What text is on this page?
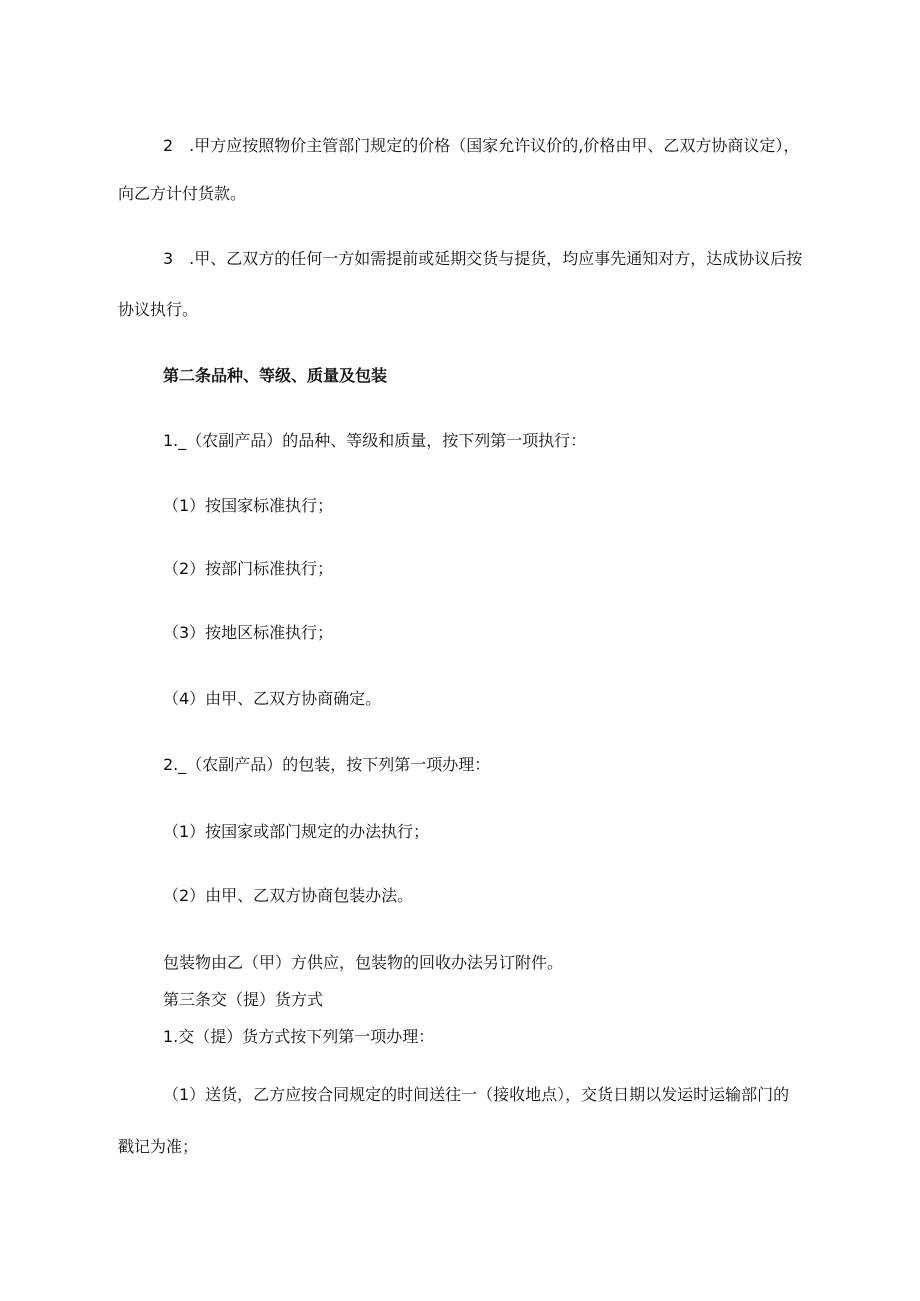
2　.甲方应按照物价主管部门规定的价格（国家允许议价的,价格由甲、乙双方协商议定），
向乙方计付货款。
3　.甲、乙双方的任何一方如需提前或延期交货与提货，均应事先通知对方，达成协议后按
协议执行。
第二条品种、等级、质量及包装
1._（农副产品）的品种、等级和质量，按下列第一项执行：
（1）按国家标准执行；
（2）按部门标准执行；
（3）按地区标准执行；
（4）由甲、乙双方协商确定。
2._（农副产品）的包装，按下列第一项办理：
（1）按国家或部门规定的办法执行；
（2）由甲、乙双方协商包装办法。
包装物由乙（甲）方供应，包装物的回收办法另订附件。
第三条交（提）货方式
1.交（提）货方式按下列第一项办理：
（1）送货，乙方应按合同规定的时间送往一（接收地点），交货日期以发运时运输部门的
戳记为准；
